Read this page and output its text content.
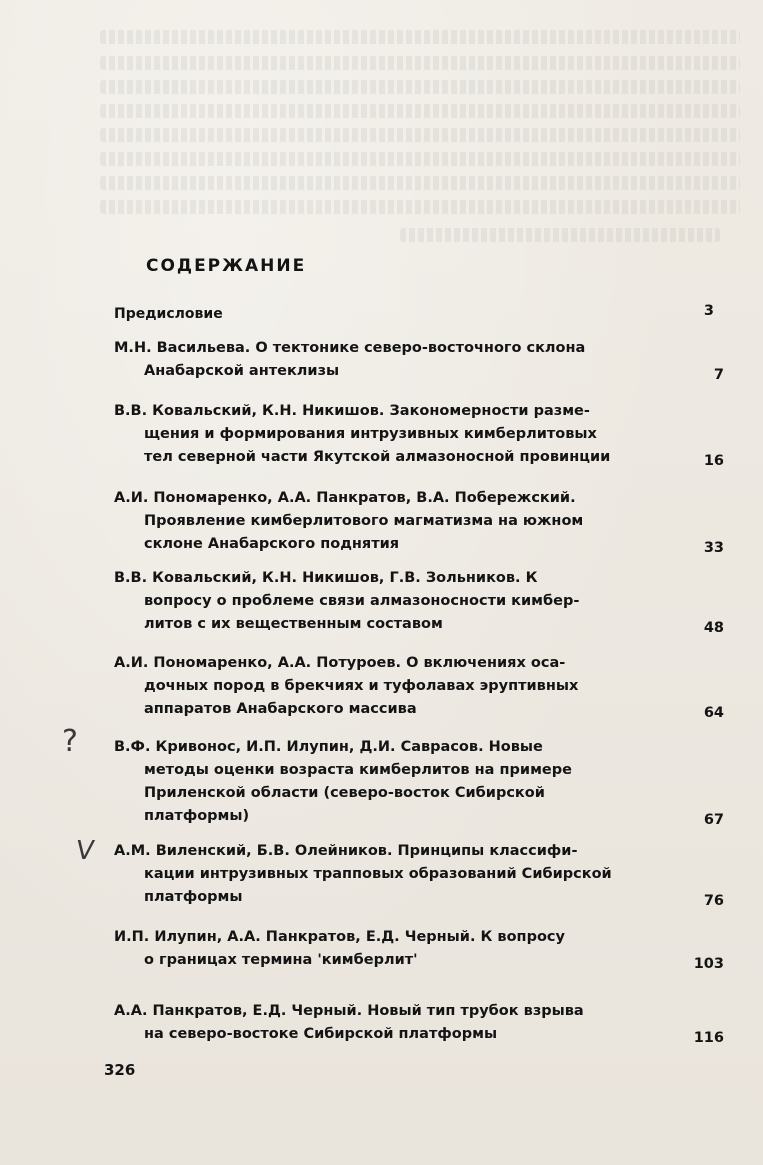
СОДЕРЖАНИЕ
Предисловие	3
М.Н. Васильева. О тектонике северо-восточного склона
Анабарской антеклизы	7
В.В. Ковальский, К.Н. Никишов. Закономерности разме-
щения и формирования интрузивных кимберлитовых
тел северной части Якутской алмазоносной провинции	16
А.И. Пономаренко, А.А. Панкратов, В.А. Побережский.
Проявление кимберлитового магматизма на южном
склоне Анабарского поднятия	33
В.В. Ковальский, К.Н. Никишов, Г.В. Зольников. К
вопросу о проблеме связи алмазоносности кимбер-
литов с их вещественным составом	48
А.И. Пономаренко, А.А. Потуроев. О включениях оса-
дочных пород в брекчиях и туфолавах эруптивных
аппаратов Анабарского массива	64
В.Ф. Кривонос, И.П. Илупин, Д.И. Саврасов. Новые
методы оценки возраста кимберлитов на примере
Приленской области (северо-восток Сибирской
платформы)	67
А.М. Виленский, Б.В. Олейников. Принципы классифи-
кации интрузивных трапповых образований Сибирской
платформы	76
И.П. Илупин, А.А. Панкратов, Е.Д. Черный. К вопросу
о границах термина 'кимберлит'	103
А.А. Панкратов, Е.Д. Черный. Новый тип трубок взрыва
на северо-востоке Сибирской платформы	116
326
?
V
